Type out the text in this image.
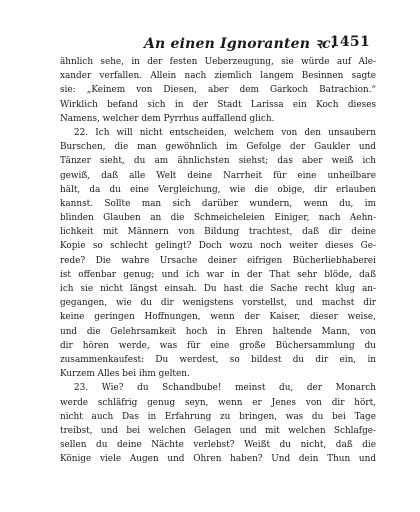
An einen Ignoranten ꝛc.
1451
ähnlich sehe, in der festen Ueberzeugung, sie würde auf Ale-
xander verfallen. Allein nach ziemlich langem Besinnen sagte
sie: „Keinem von Diesen, aber dem Garkoch Batrachion.“
Wirklich befand sich in der Stadt Larissa ein Koch dieses
Namens, welcher dem Pyrrhus auffallend glich.
22. Ich will nicht entscheiden, welchem von den unsaubern
Burschen, die man gewöhnlich im Gefolge der Gaukler und
Tänzer sieht, du am ähnlichsten siehst; das aber weiß ich
gewiß, daß alle Welt deine Narrheit für eine unheilbare
hält, da du eine Vergleichung, wie die obige, dir erlauben
kannst. Sollte man sich darüber wundern, wenn du, im
blinden Glauben an die Schmeicheleien Einiger, nach Aehn-
lichkeit mit Männern von Bildung trachtest, daß dir deine
Kopie so schlecht gelingt? Doch wozu noch weiter dieses Ge-
rede? Die wahre Ursache deiner eifrigen Bücherliebhaberei
ist offenbar genug; und ich war in der That sehr blöde, daß
ich sie nicht längst einsah. Du hast die Sache recht klug an-
gegangen, wie du dir wenigstens vorstellst, und machst dir
keine geringen Hoffnungen, wenn der Kaiser, dieser weise,
und die Gelehrsamkeit hoch in Ehren haltende Mann, von
dir hören werde, was für eine große Büchersammlung du
zusammenkaufest: Du werdest, so bildest du dir ein, in
Kurzem Alles bei ihm gelten.
23. Wie? du Schandbube! meinst du, der Monarch
werde schläfrig genug seyn, wenn er Jenes von dir hört,
nicht auch Das in Erfahrung zu bringen, was du bei Tage
treibst, und bei welchen Gelagen und mit welchen Schlafge-
sellen du deine Nächte verlebst? Weißt du nicht, daß die
Könige viele Augen und Ohren haben? Und dein Thun und
